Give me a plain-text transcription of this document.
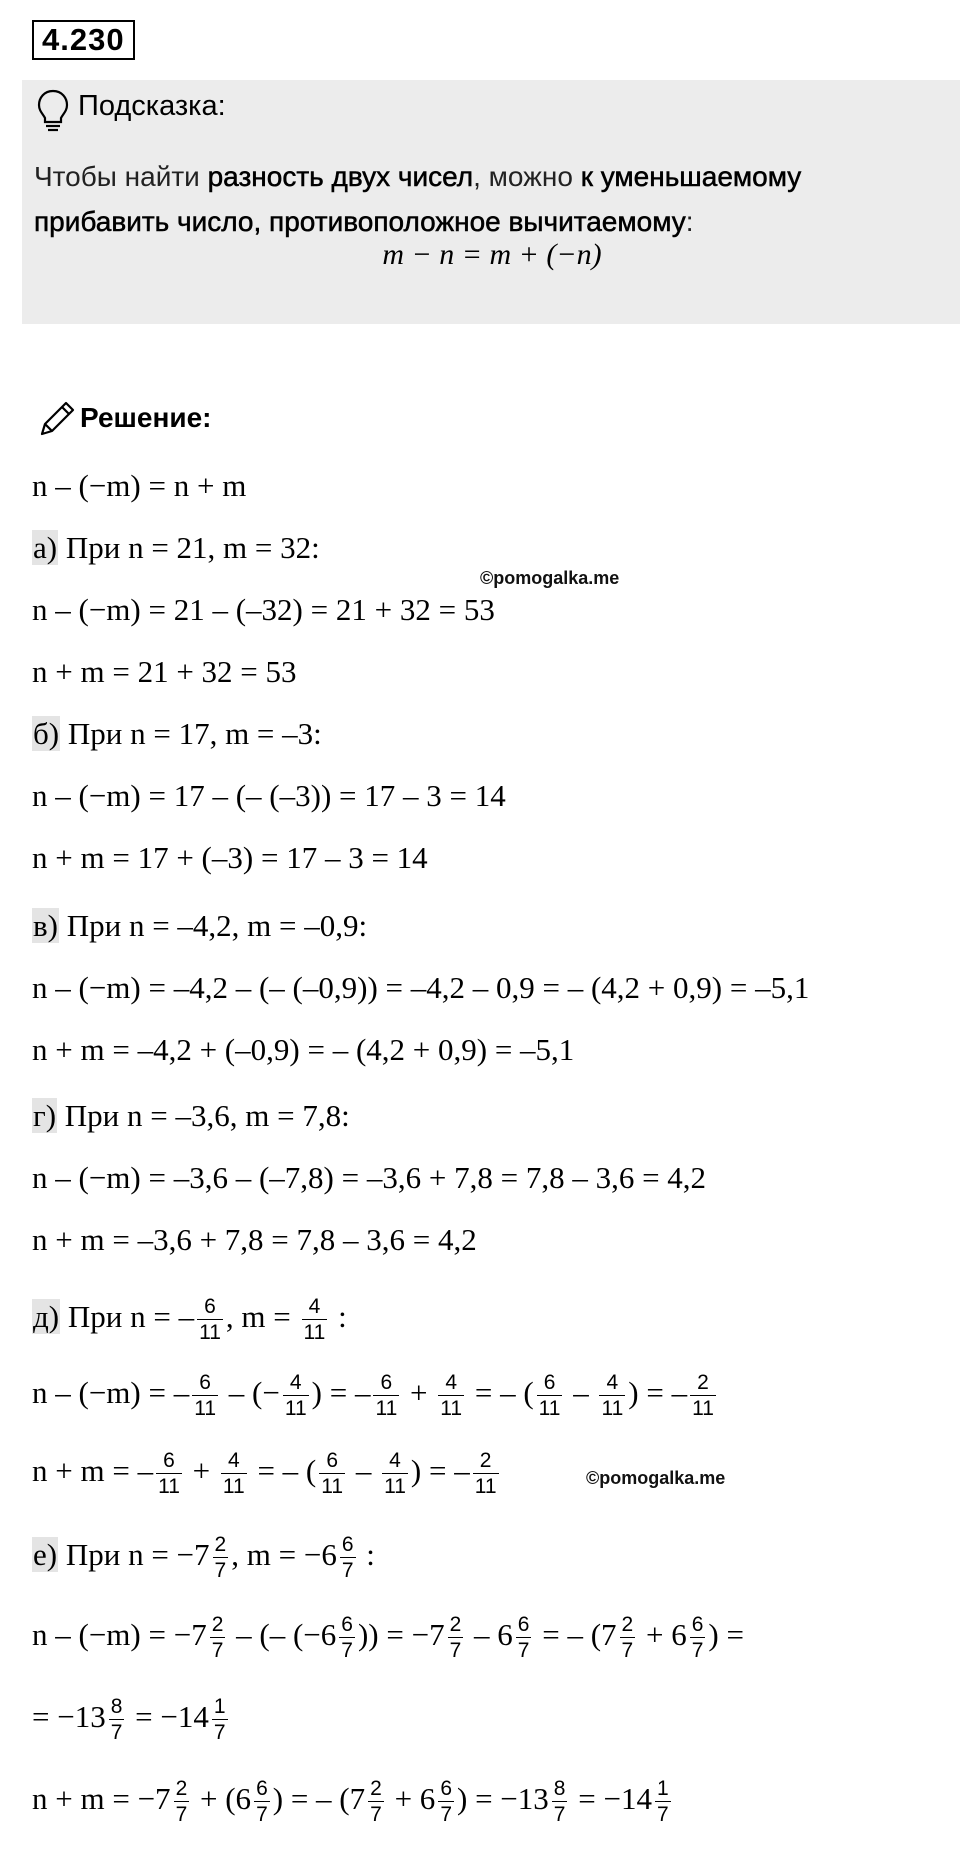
4.230
Подсказка:
Чтобы найти разность двух чисел, можно к уменьшаемому прибавить число, противоположное вычитаемому:
m − n = m + (−n)
Решение:
n – (−m) = n + m
а) При n = 21, m = 32:
n – (−m) = 21 – (–32) = 21 + 32 = 53
n + m = 21 + 32 = 53
б) При n = 17, m = –3:
n – (−m) = 17 – (– (–3)) = 17 – 3 = 14
n + m = 17 + (–3) = 17 – 3 = 14
в) При n = –4,2, m = –0,9:
n – (−m) = –4,2 – (– (–0,9)) = –4,2 – 0,9 = – (4,2 + 0,9) = –5,1
n + m = –4,2 + (–0,9) = – (4,2 + 0,9) = –5,1
г) При n = –3,6, m = 7,8:
n – (−m) = –3,6 – (–7,8) = –3,6 + 7,8 = 7,8 – 3,6 = 4,2
n + m = –3,6 + 7,8 = 7,8 – 3,6 = 4,2
д) При n = – $\frac{6}{11}$ , $m = \frac{4}{11}$ :
n – (−m) = – $\frac{6}{11}$ – (− $\frac{4}{11}$ ) = – $\frac{6}{11} + \frac{4}{11}$ = – ( $\frac{6}{11} - \frac{4}{11}$ ) = – $\frac{2}{11}$
n + m = – $\frac{6}{11} + \frac{4}{11}$ = – ( $\frac{6}{11} - \frac{4}{11}$ ) = – $\frac{2}{11}$
е) При $n = -7 \frac{2}{7}$ , $m = -6 \frac{6}{7}$ :
$n - (-m) = -7 \frac{2}{7}$ – (– ($-6 \frac{6}{7}$ )) = $-7 \frac{2}{7} - 6 \frac{6}{7}$ = – ($7 \frac{2}{7} + 6 \frac{6}{7}$ ) =
= $-13 \frac{8}{7} = -14 \frac{1}{7}$
$n + m = -7 \frac{2}{7} + (6 \frac{6}{7}$ ) = – ($7 \frac{2}{7} + 6 \frac{6}{7}$ ) = $-13 \frac{8}{7} = -14 \frac{1}{7}$
©pomogalka.me
©pomogalka.me
